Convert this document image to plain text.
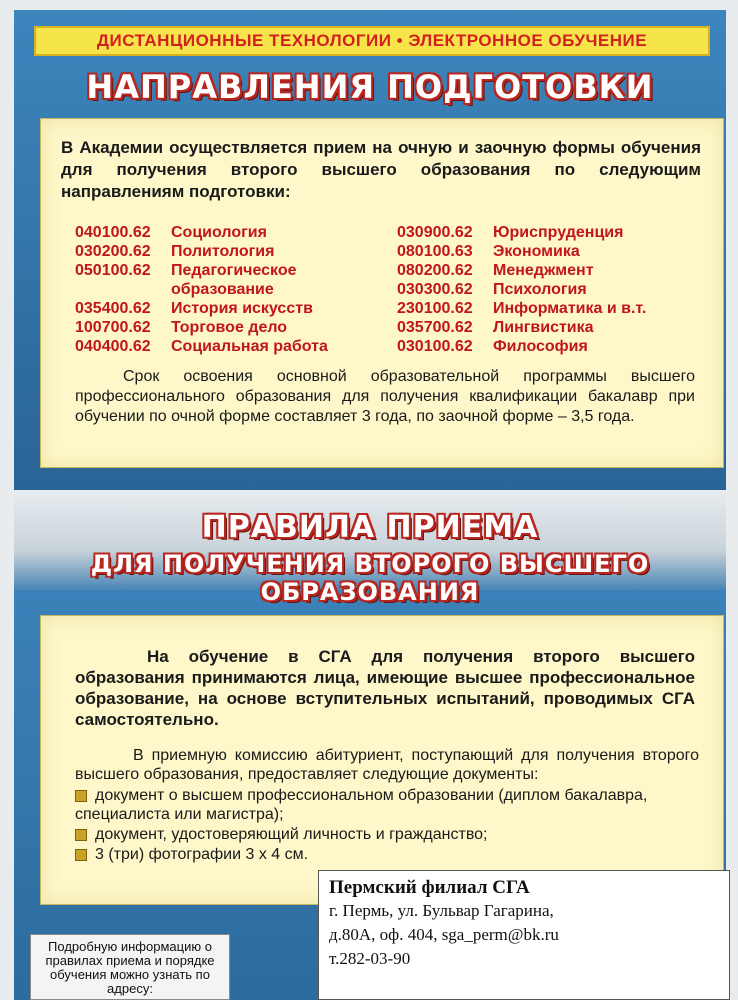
ДИСТАНЦИОННЫЕ ТЕХНОЛОГИИ • ЭЛЕКТРОННОЕ ОБУЧЕНИЕ
НАПРАВЛЕНИЯ ПОДГОТОВКИ
В Академии осуществляется прием на очную и заочную формы обучения для получения второго высшего образования по следующим направлениям подготовки:
040100.62	Социология
030200.62	Политология
050100.62	Педагогическое образование
035400.62	История искусств
100700.62	Торговое дело
040400.62	Социальная работа
030900.62	Юриспруденция
080100.63	Экономика
080200.62	Менеджмент
030300.62	Психология
230100.62	Информатика и в.т.
035700.62	Лингвистика
030100.62	Философия
Срок освоения основной образовательной программы высшего профессионального образования для получения квалификации бакалавр при обучении по очной форме составляет 3 года, по заочной форме – 3,5 года.
ПРАВИЛА ПРИЕМА
ДЛЯ ПОЛУЧЕНИЯ ВТОРОГО ВЫСШЕГО ОБРАЗОВАНИЯ
На обучение в СГА для получения второго высшего образования принимаются лица, имеющие высшее профессиональное образование, на основе вступительных испытаний, проводимых СГА самостоятельно.
В приемную комиссию абитуриент, поступающий для получения второго высшего образования, предоставляет следующие документы:
документ о высшем профессиональном образовании (диплом бакалавра, специалиста или магистра);
документ, удостоверяющий личность и гражданство;
3 (три) фотографии 3 х 4 см.
Подробную информацию о правилах приема и порядке обучения можно узнать по адресу:
Пермский филиал СГА
г. Пермь, ул. Бульвар Гагарина,
д.80А, оф. 404, sga_perm@bk.ru
т.282-03-90
